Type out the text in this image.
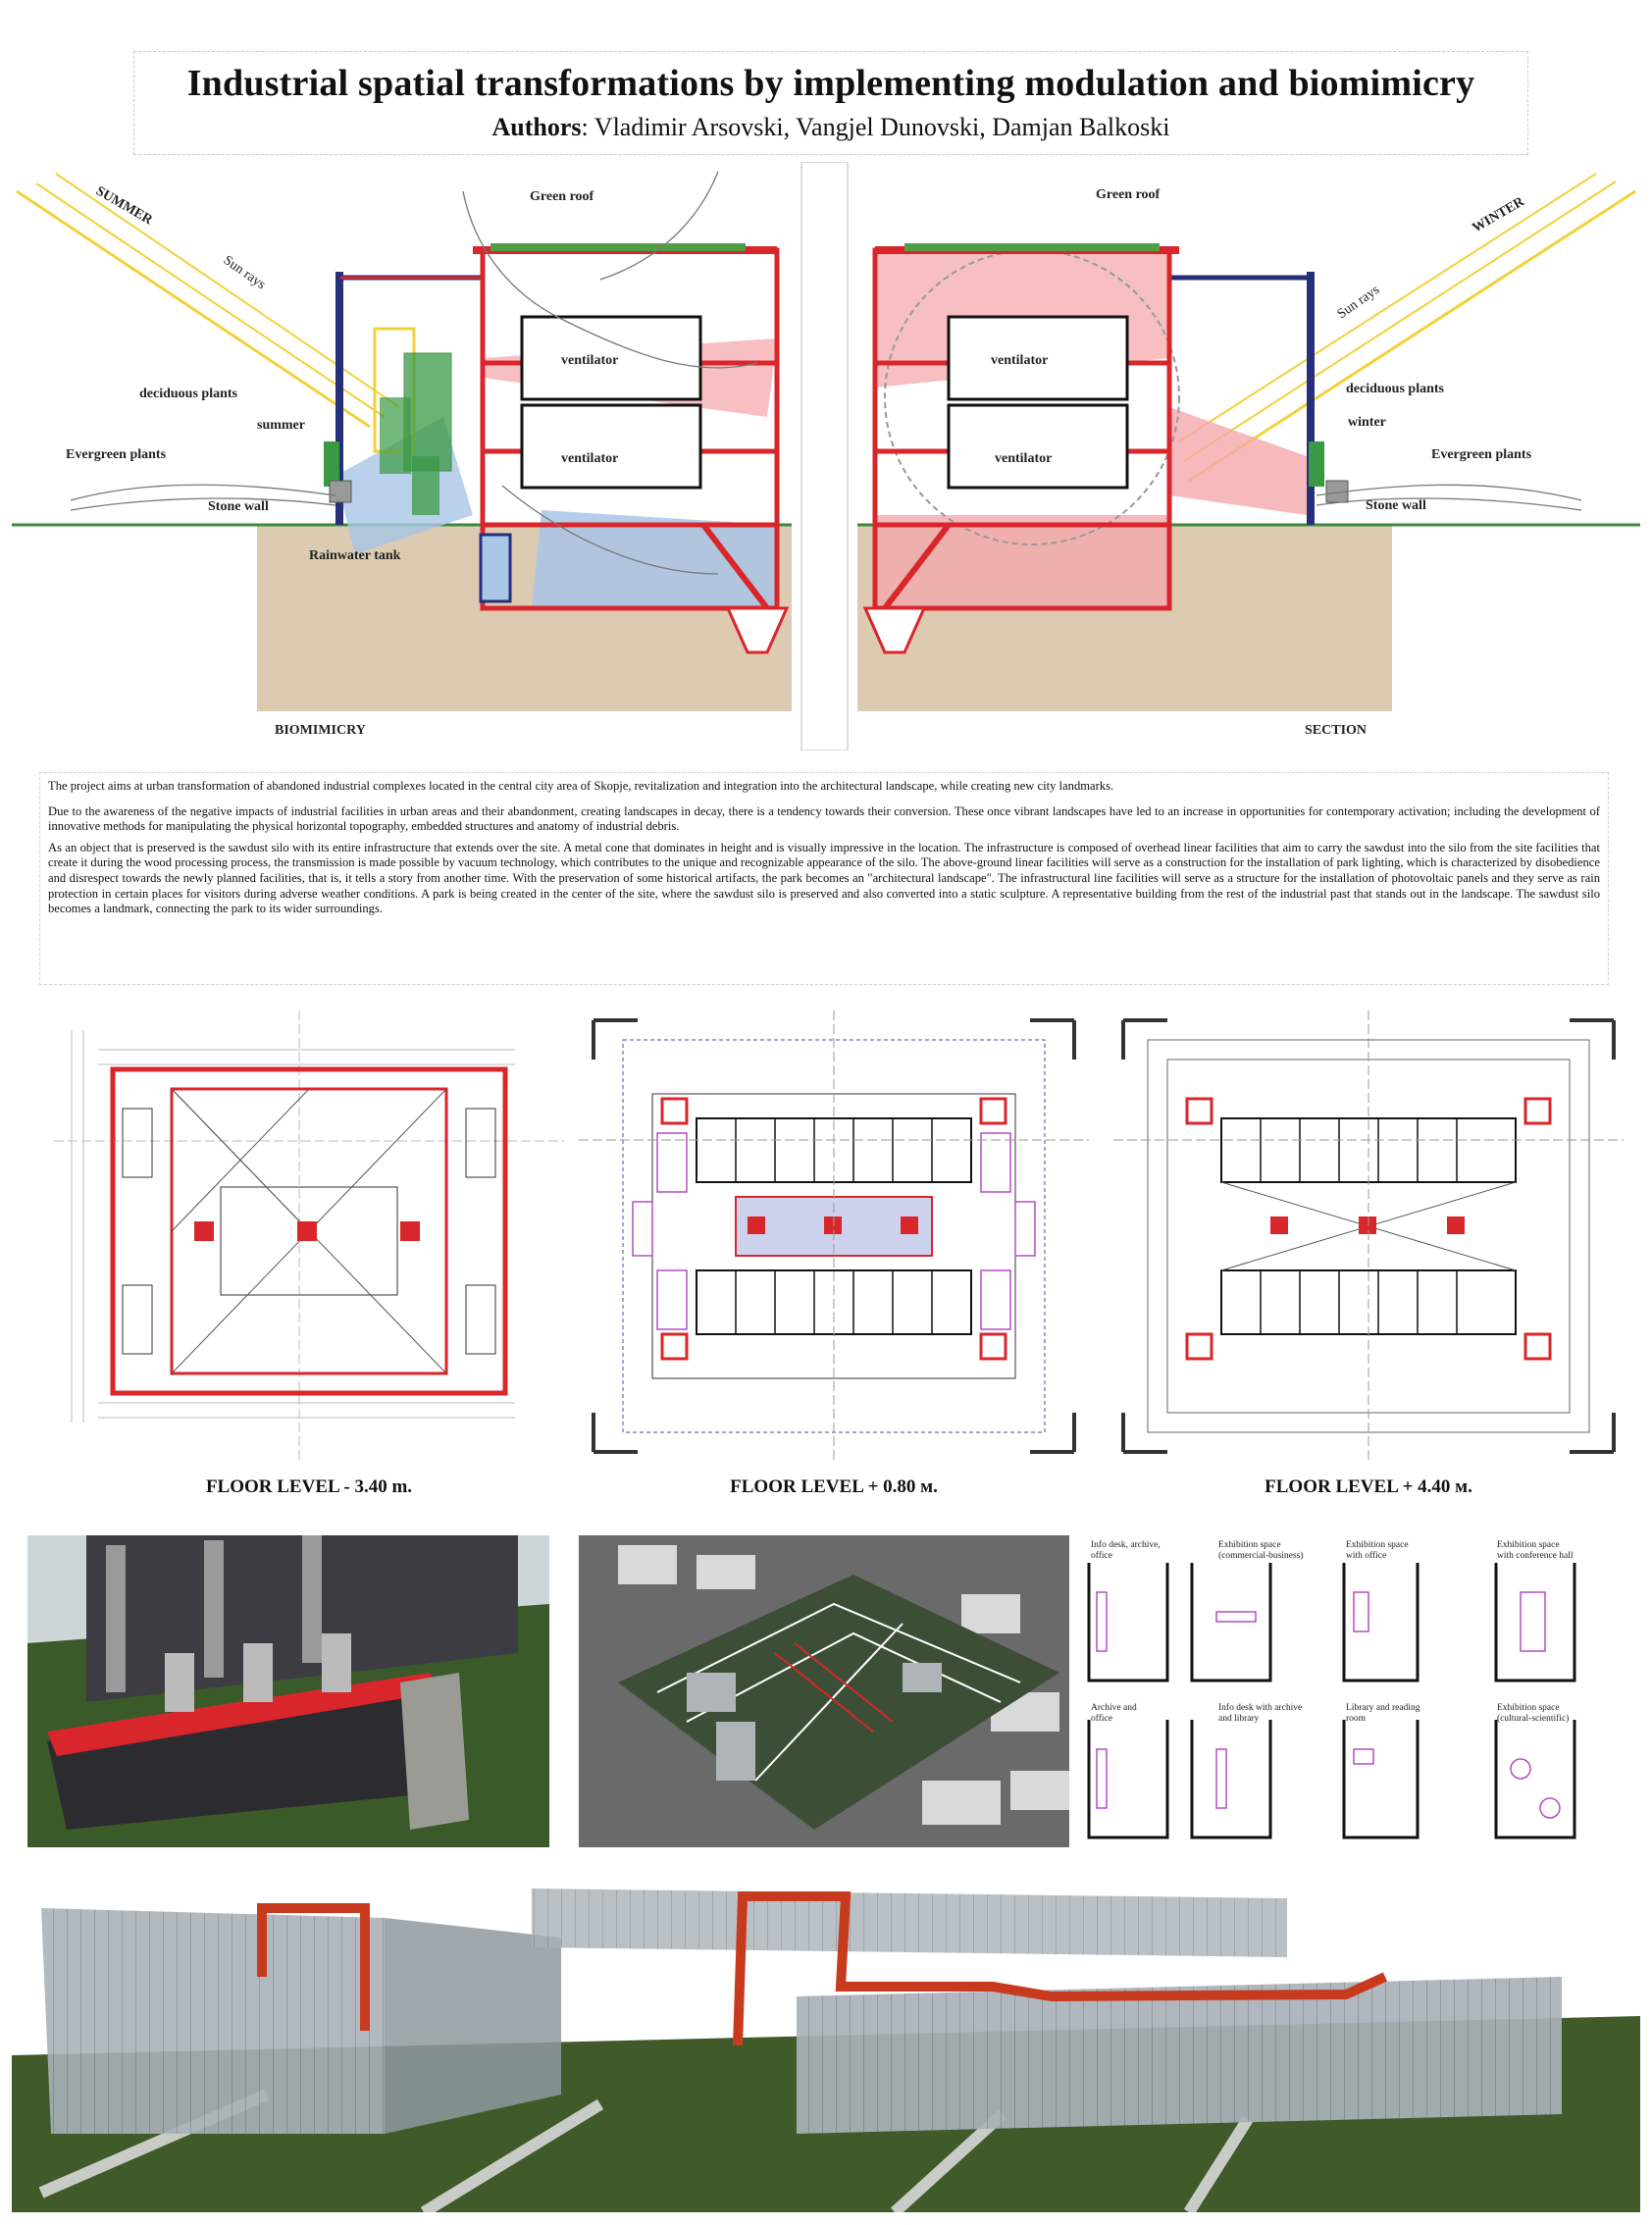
Industrial spatial transformations by implementing modulation and biomimicry
Authors: Vladimir Arsovski, Vangjel Dunovski, Damjan Balkoski
SUMMER
Sun rays
Green roof
deciduous plants
summer
Evergreen plants
Stone wall
Rainwater tank
ventilator
ventilator
BIOMIMICRY
WINTER
Sun rays
Green roof
deciduous plants
winter
Evergreen plants
Stone wall
ventilator
ventilator
SECTION

The project aims at urban transformation of abandoned industrial complexes located in the central city area of Skopje, revitalization and integration into the architectural landscape, while creating new city landmarks.

Due to the awareness of the negative impacts of industrial facilities in urban areas and their abandonment, creating landscapes in decay, there is a tendency towards their conversion. These once vibrant landscapes have led to an increase in opportunities for contemporary activation; including the development of innovative methods for manipulating the physical horizontal topography, embedded structures and anatomy of industrial debris.

As an object that is preserved is the sawdust silo with its entire infrastructure that extends over the site. A metal cone that dominates in height and is visually impressive in the location. The infrastructure is composed of overhead linear facilities that aim to carry the sawdust into the silo from the site facilities that create it during the wood processing process, the transmission is made possible by vacuum technology, which contributes to the unique and recognizable appearance of the silo. The above-ground linear facilities will serve as a construction for the installation of park lighting, which is characterized by disobedience and disrespect towards the newly planned facilities, that is, it tells a story from another time. With the preservation of some historical artifacts, the park becomes an "architectural landscape". The infrastructural line facilities will serve as a structure for the installation of photovoltaic panels and they serve as rain protection in certain places for visitors during adverse weather conditions. A park is being created in the center of the site, where the sawdust silo is preserved and also converted into a static sculpture. A representative building from the rest of the industrial past that stands out in the landscape. The sawdust silo becomes a landmark, connecting the park to its wider surroundings.

FLOOR LEVEL - 3.40 m.	FLOOR LEVEL + 0.80 м.	FLOOR LEVEL + 4.40 м.
Info desk, archive, office
Exhibition space (commercial-business)
Exhibition space with office
Exhibition space with conference hall
Archive and office
Info desk with archive and library
Library and reading room
Exhibition space (cultural-scientific)
